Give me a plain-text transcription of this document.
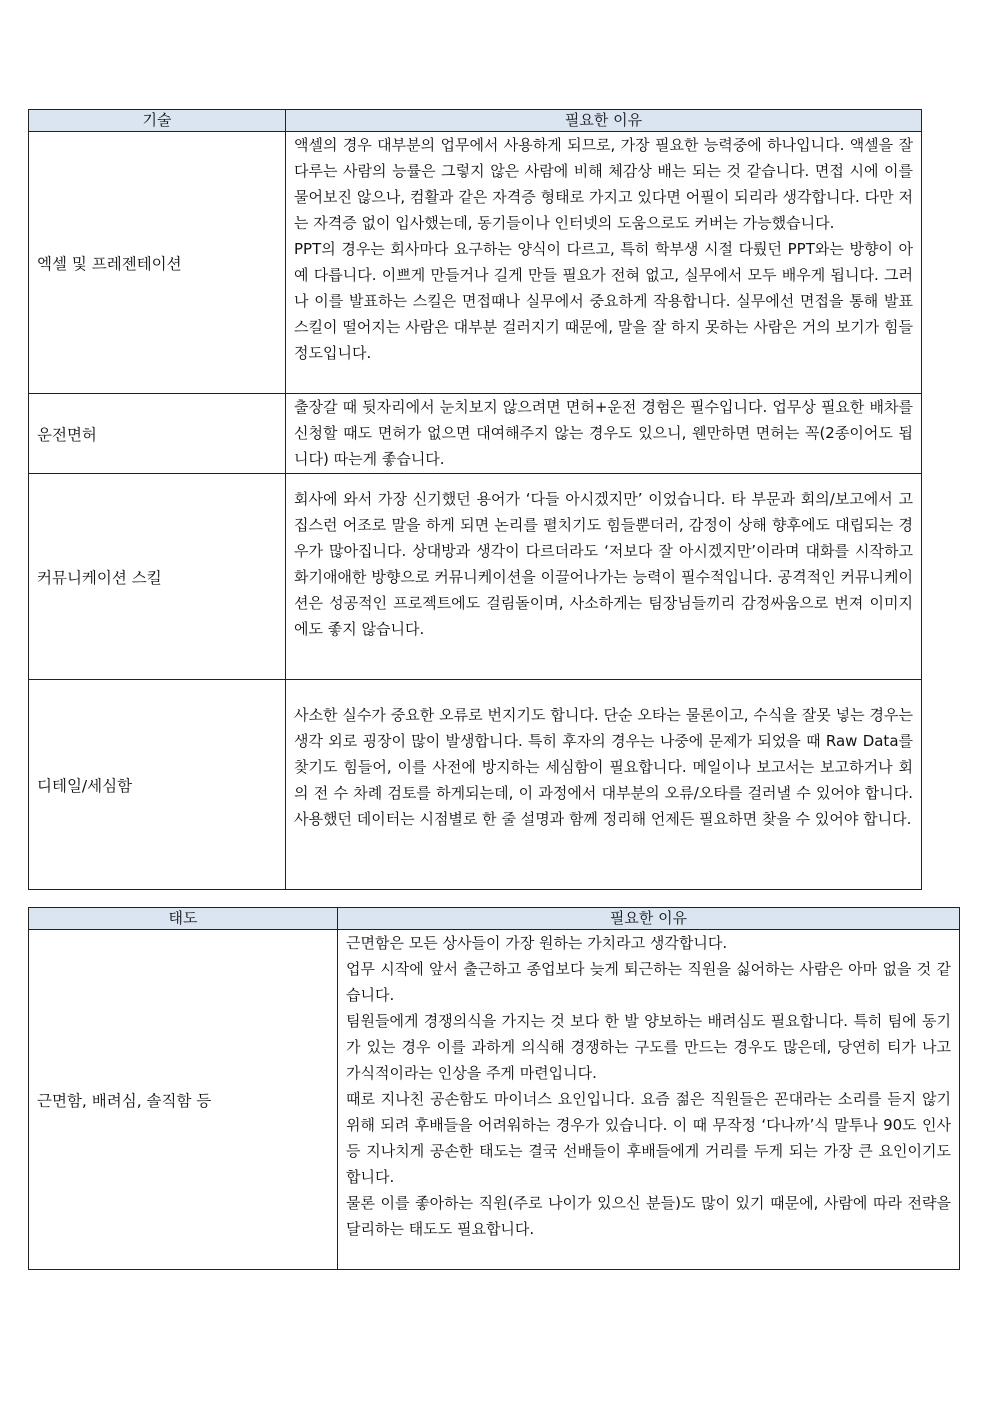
기술	필요한 이유
엑셀 및 프레젠테이션	액셀의 경우 대부분의 업무에서 사용하게 되므로, 가장 필요한 능력중에 하나입니다. 액셀을 잘 다루는 사람의 능률은 그렇지 않은 사람에 비해 체감상 배는 되는 것 같습니다. 면접 시에 이를 물어보진 않으나, 컴활과 같은 자격증 형태로 가지고 있다면 어필이 되리라 생각합니다. 다만 저는 자격증 없이 입사했는데, 동기들이나 인터넷의 도움으로도 커버는 가능했습니다.

PPT의 경우는 회사마다 요구하는 양식이 다르고, 특히 학부생 시절 다뤘던 PPT와는 방향이 아예 다릅니다. 이쁘게 만들거나 길게 만들 필요가 전혀 없고, 실무에서 모두 배우게 됩니다. 그러나 이를 발표하는 스킬은 면접때나 실무에서 중요하게 작용합니다. 실무에선 면접을 통해 발표 스킬이 떨어지는 사람은 대부분 걸러지기 때문에, 말을 잘 하지 못하는 사람은 거의 보기가 힘들 정도입니다.

운전면허	출장갈 때 뒷자리에서 눈치보지 않으려면 면허+운전 경험은 필수입니다. 업무상 필요한 배차를 신청할 때도 면허가 없으면 대여해주지 않는 경우도 있으니, 웬만하면 면허는 꼭(2종이어도 됩니다) 따는게 좋습니다.

커뮤니케이션 스킬	회사에 와서 가장 신기했던 용어가 ‘다들 아시겠지만’ 이었습니다. 타 부문과 회의/보고에서 고집스런 어조로 말을 하게 되면 논리를 펼치기도 힘들뿐더러, 감정이 상해 향후에도 대립되는 경우가 많아집니다. 상대방과 생각이 다르더라도 ‘저보다 잘 아시겠지만’이라며 대화를 시작하고 화기애애한 방향으로 커뮤니케이션을 이끌어나가는 능력이 필수적입니다. 공격적인 커뮤니케이션은 성공적인 프로젝트에도 걸림돌이며, 사소하게는 팀장님들끼리 감정싸움으로 번져 이미지에도 좋지 않습니다.

디테일/세심함	사소한 실수가 중요한 오류로 번지기도 합니다. 단순 오타는 물론이고, 수식을 잘못 넣는 경우는 생각 외로 굉장이 많이 발생합니다. 특히 후자의 경우는 나중에 문제가 되었을 때 Raw Data를 찾기도 힘들어, 이를 사전에 방지하는 세심함이 필요합니다. 메일이나 보고서는 보고하거나 회의 전 수 차례 검토를 하게되는데, 이 과정에서 대부분의 오류/오타를 걸러낼 수 있어야 합니다. 사용했던 데이터는 시점별로 한 줄 설명과 함께 정리해 언제든 필요하면 찾을 수 있어야 합니다.

태도	필요한 이유
근면함, 배려심, 솔직함 등	근면함은 모든 상사들이 가장 원하는 가치라고 생각합니다.

업무 시작에 앞서 출근하고 종업보다 늦게 퇴근하는 직원을 싫어하는 사람은 아마 없을 것 같습니다.

팀원들에게 경쟁의식을 가지는 것 보다 한 발 양보하는 배려심도 필요합니다. 특히 팀에 동기가 있는 경우 이를 과하게 의식해 경쟁하는 구도를 만드는 경우도 많은데, 당연히 티가 나고 가식적이라는 인상을 주게 마련입니다.

때로 지나친 공손함도 마이너스 요인입니다. 요즘 젊은 직원들은 꼰대라는 소리를 듣지 않기 위해 되려 후배들을 어려워하는 경우가 있습니다. 이 때 무작정 ‘다나까’식 말투나 90도 인사 등 지나치게 공손한 태도는 결국 선배들이 후배들에게 거리를 두게 되는 가장 큰 요인이기도 합니다.

물론 이를 좋아하는 직원(주로 나이가 있으신 분들)도 많이 있기 때문에, 사람에 따라 전략을 달리하는 태도도 필요합니다.
